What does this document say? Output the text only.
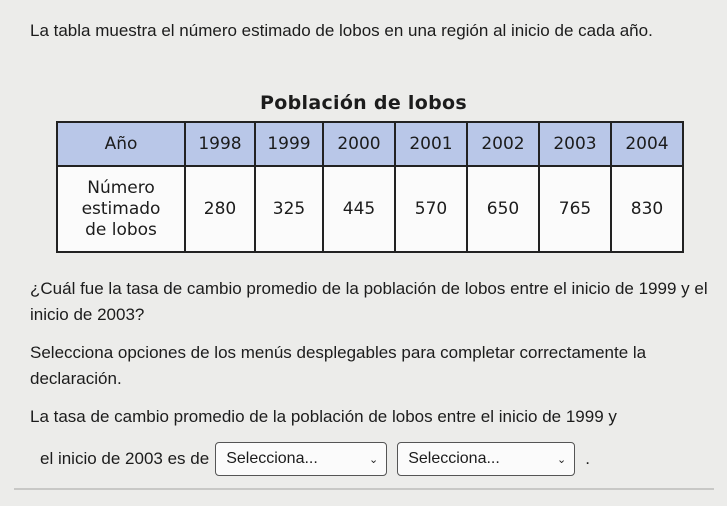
La tabla muestra el número estimado de lobos en una región al inicio de cada año.
Población de lobos
Año	1998	1999	2000	2001	2002	2003	2004

Número
estimado
de lobos	280	325	445	570	650	765	830
¿Cuál fue la tasa de cambio promedio de la población de lobos entre el inicio de 1999 y el inicio de 2003?
Selecciona opciones de los menús desplegables para completar correctamente la declaración.
La tasa de cambio promedio de la población de lobos entre el inicio de 1999 y
el inicio de 2003 es de Selecciona...	⌄ Selecciona...	⌄ .
